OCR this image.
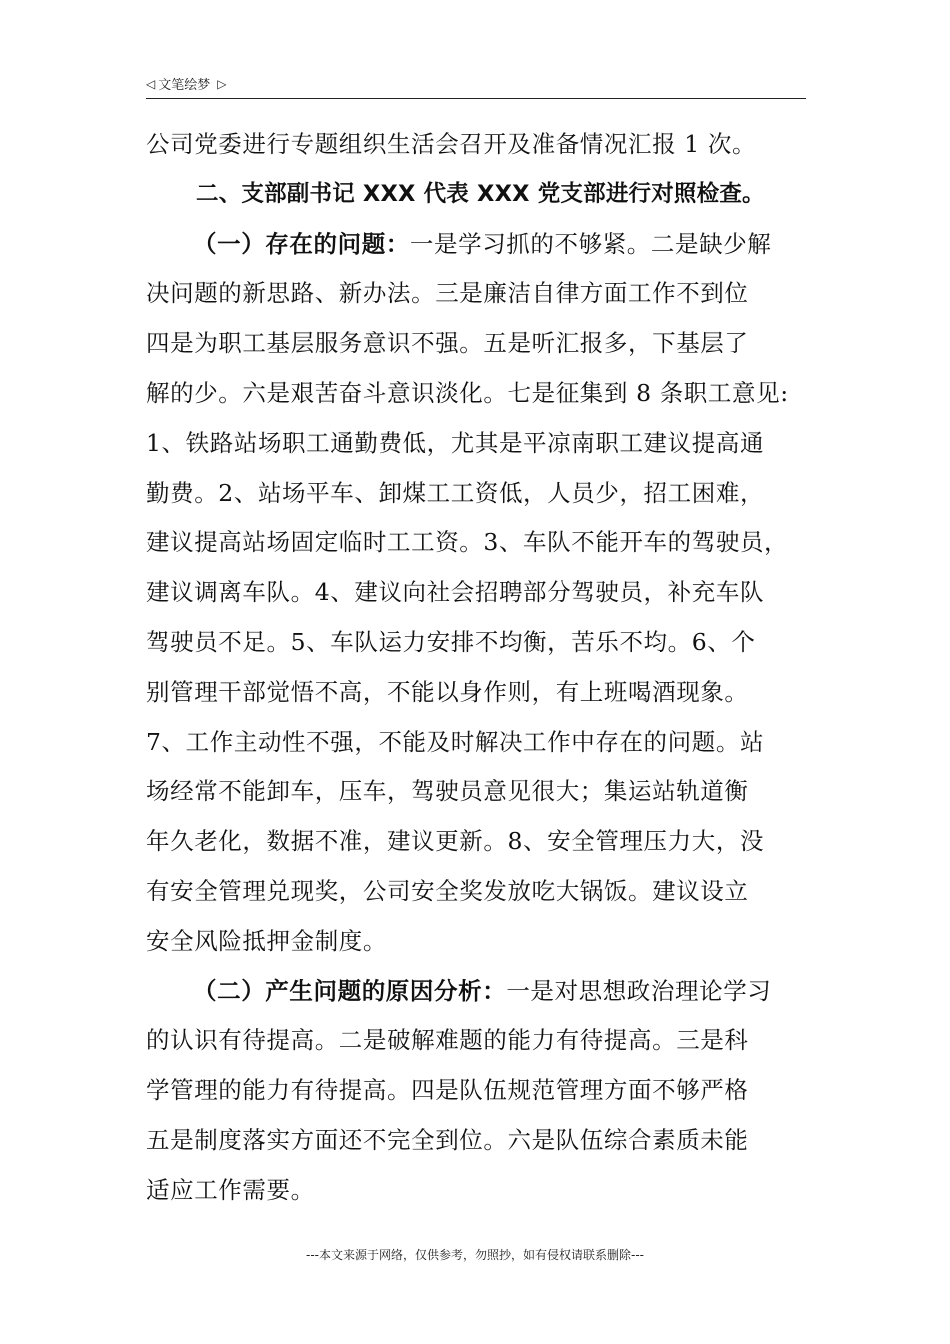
◁ 文笔绘梦 ▷
公司党委进行专题组织生活会召开及准备情况汇报 1 次。
二、支部副书记 XXX 代表 XXX 党支部进行对照检查。
（一）存在的问题：一是学习抓的不够紧。二是缺少解
决问题的新思路、新办法。三是廉洁自律方面工作不到位
四是为职工基层服务意识不强。五是听汇报多，下基层了
解的少。六是艰苦奋斗意识淡化。七是征集到 8 条职工意见:
1、铁路站场职工通勤费低，尤其是平凉南职工建议提高通
勤费。2、站场平车、卸煤工工资低，人员少，招工困难，
建议提高站场固定临时工工资。3、车队不能开车的驾驶员，
建议调离车队。4、建议向社会招聘部分驾驶员，补充车队
驾驶员不足。5、车队运力安排不均衡，苦乐不均。6、个
别管理干部觉悟不高，不能以身作则，有上班喝酒现象。
7、工作主动性不强，不能及时解决工作中存在的问题。站
场经常不能卸车，压车，驾驶员意见很大；集运站轨道衡
年久老化，数据不准，建议更新。8、安全管理压力大，没
有安全管理兑现奖，公司安全奖发放吃大锅饭。建议设立
安全风险抵押金制度。
（二）产生问题的原因分析：一是对思想政治理论学习
的认识有待提高。二是破解难题的能力有待提高。三是科
学管理的能力有待提高。四是队伍规范管理方面不够严格
五是制度落实方面还不完全到位。六是队伍综合素质未能
适应工作需要。
---本文来源于网络，仅供参考，勿照抄，如有侵权请联系删除---
